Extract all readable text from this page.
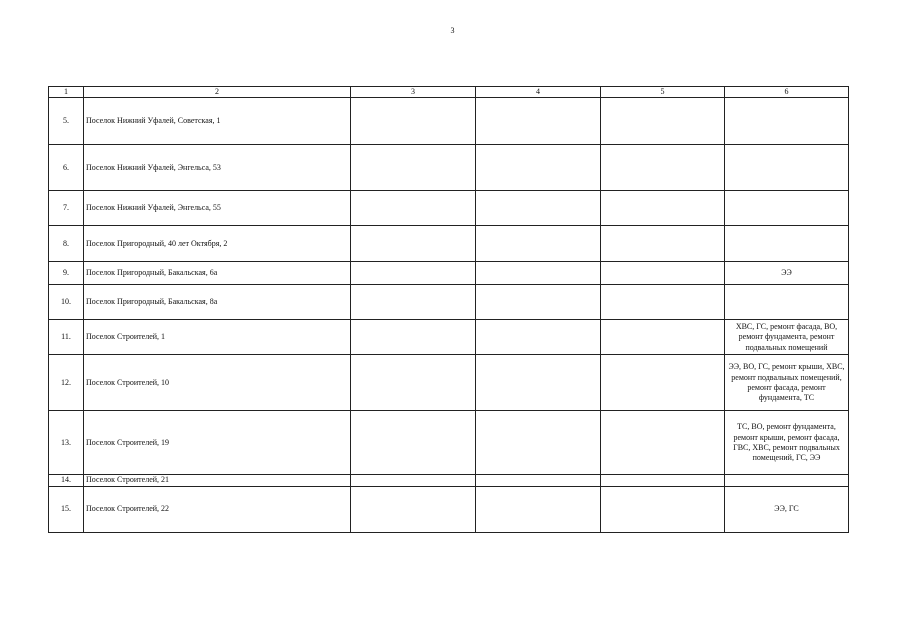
3
1	2	3	4	5	6
5.	Поселок Нижний Уфалей, Советская, 1				
6.	Поселок Нижний Уфалей, Энгельса, 53				
7.	Поселок Нижний Уфалей, Энгельса, 55				
8.	Поселок Пригородный, 40 лет Октября, 2				
9.	Поселок Пригородный, Бакальская, 6а				ЭЭ
10.	Поселок Пригородный, Бакальская, 8а				
11.	Поселок Строителей, 1				ХВС, ГС, ремонт фасада, ВО, ремонт фундамента, ремонт подвальных помещений
12.	Поселок Строителей, 10				ЭЭ, ВО, ГС, ремонт крыши, ХВС, ремонт подвальных помещений, ремонт фасада, ремонт фундамента, ТС
13.	Поселок Строителей, 19				ТС, ВО, ремонт фундамента, ремонт крыши, ремонт фасада, ГВС, ХВС, ремонт подвальных помещений, ГС, ЭЭ
14.	Поселок Строителей, 21				
15.	Поселок Строителей, 22				ЭЭ, ГС
